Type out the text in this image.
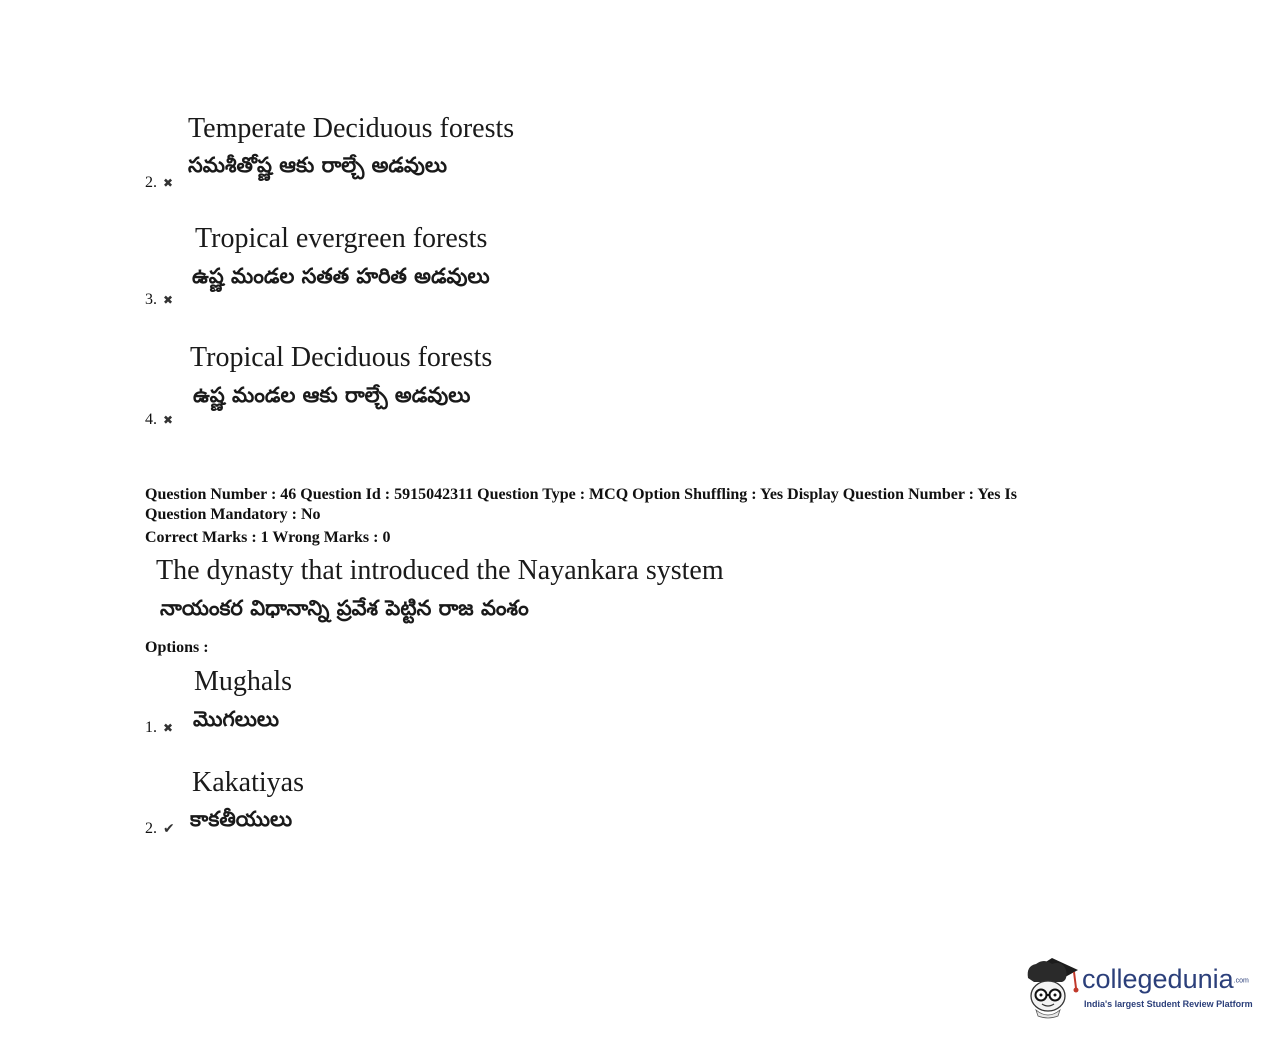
Temperate Deciduous forests
సమశీతోష్ణ ఆకు రాల్చే అడవులు
2. ✖
Tropical evergreen forests
ఉష్ణ మండల సతత హరిత అడవులు
3. ✖
Tropical Deciduous forests
ఉష్ణ మండల ఆకు రాల్చే అడవులు
4. ✖
Question Number : 46 Question Id : 5915042311 Question Type : MCQ Option Shuffling : Yes Display Question Number : Yes Is
Question Mandatory : No
Correct Marks : 1 Wrong Marks : 0
The dynasty that introduced the Nayankara system
నాయంకర విధానాన్ని ప్రవేశ పెట్టిన రాజ వంశం
Options :
Mughals
మొగలులు
1. ✖
Kakatiyas
కాకతీయులు
2. ✔
collegedunia.com
India's largest Student Review Platform
